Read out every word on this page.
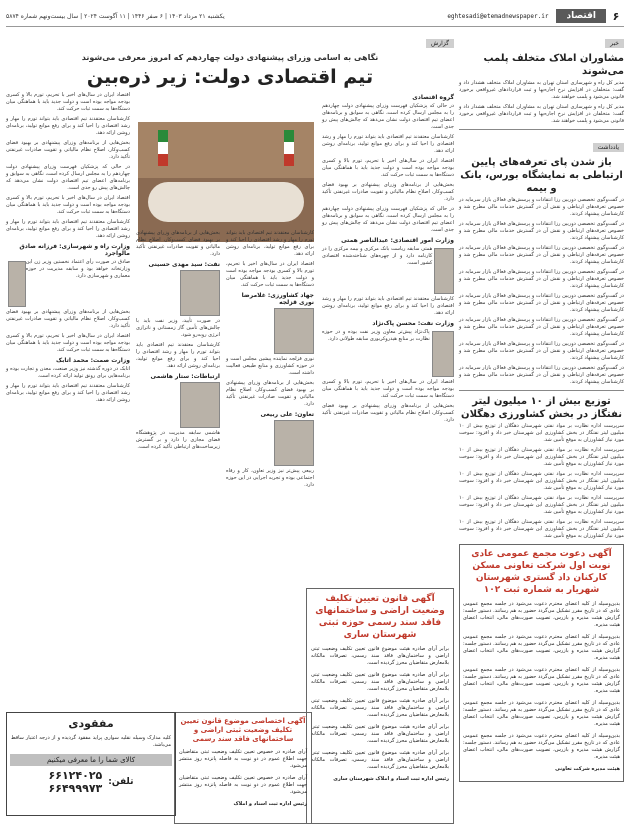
۶
اقتصاد
eghtesadi@etemadnewspaper.ir
یکشنبه ۲۱ مرداد ۱۴۰۳ | ۶ صفر ۱۴۴۶ | ۱۱ آگوست ۲۰۲۴ | سال بیست‌ونهم شماره ۵۸۷۴
خبر
مشاوران املاک متخلف پلمب می‌شوند

مدیر کل راه و شهرسازی استان تهران به مشاوران املاک متخلف هشدار داد و گفت: متخلفان در افزایش نرخ اجاره‌بها و ثبت قراردادهای غیرواقعی برخورد قانونی می‌شود و پلمب خواهند شد.

مدیر کل راه و شهرسازی استان تهران به مشاوران املاک متخلف هشدار داد و گفت: متخلفان در افزایش نرخ اجاره‌بها و ثبت قراردادهای غیرواقعی برخورد قانونی می‌شود و پلمب خواهند شد.

یادداشت
باز شدن پای تعرفه‌های پایین ارتباطی به نمایشگاه بورس، بانک و بیمه

در گفت‌وگوی تخصصی دوربین رزا انتقادات و پرسش‌های فعالان بازار سرمایه در خصوص تعرفه‌های ارتباطی و نقش آن در گسترش خدمات مالی مطرح شد و کارشناسان پیشنهاد کردند.

در گفت‌وگوی تخصصی دوربین رزا انتقادات و پرسش‌های فعالان بازار سرمایه در خصوص تعرفه‌های ارتباطی و نقش آن در گسترش خدمات مالی مطرح شد و کارشناسان پیشنهاد کردند.

در گفت‌وگوی تخصصی دوربین رزا انتقادات و پرسش‌های فعالان بازار سرمایه در خصوص تعرفه‌های ارتباطی و نقش آن در گسترش خدمات مالی مطرح شد و کارشناسان پیشنهاد کردند.

در گفت‌وگوی تخصصی دوربین رزا انتقادات و پرسش‌های فعالان بازار سرمایه در خصوص تعرفه‌های ارتباطی و نقش آن در گسترش خدمات مالی مطرح شد و کارشناسان پیشنهاد کردند.

در گفت‌وگوی تخصصی دوربین رزا انتقادات و پرسش‌های فعالان بازار سرمایه در خصوص تعرفه‌های ارتباطی و نقش آن در گسترش خدمات مالی مطرح شد و کارشناسان پیشنهاد کردند.

در گفت‌وگوی تخصصی دوربین رزا انتقادات و پرسش‌های فعالان بازار سرمایه در خصوص تعرفه‌های ارتباطی و نقش آن در گسترش خدمات مالی مطرح شد و کارشناسان پیشنهاد کردند.

در گفت‌وگوی تخصصی دوربین رزا انتقادات و پرسش‌های فعالان بازار سرمایه در خصوص تعرفه‌های ارتباطی و نقش آن در گسترش خدمات مالی مطرح شد و کارشناسان پیشنهاد کردند.

در گفت‌وگوی تخصصی دوربین رزا انتقادات و پرسش‌های فعالان بازار سرمایه در خصوص تعرفه‌های ارتباطی و نقش آن در گسترش خدمات مالی مطرح شد و کارشناسان پیشنهاد کردند.

توزیع بیش از ۱۰ میلیون لیتر نفتگاز در بخش کشاورزی دهگلان

سرپرست اداره نظارت بر مواد نفتی شهرستان دهگلان از توزیع بیش از ۱۰ میلیون لیتر نفتگاز در بخش کشاورزی این شهرستان خبر داد و افزود: سوخت مورد نیاز کشاورزان به موقع تأمین شد.

سرپرست اداره نظارت بر مواد نفتی شهرستان دهگلان از توزیع بیش از ۱۰ میلیون لیتر نفتگاز در بخش کشاورزی این شهرستان خبر داد و افزود: سوخت مورد نیاز کشاورزان به موقع تأمین شد.

سرپرست اداره نظارت بر مواد نفتی شهرستان دهگلان از توزیع بیش از ۱۰ میلیون لیتر نفتگاز در بخش کشاورزی این شهرستان خبر داد و افزود: سوخت مورد نیاز کشاورزان به موقع تأمین شد.

سرپرست اداره نظارت بر مواد نفتی شهرستان دهگلان از توزیع بیش از ۱۰ میلیون لیتر نفتگاز در بخش کشاورزی این شهرستان خبر داد و افزود: سوخت مورد نیاز کشاورزان به موقع تأمین شد.

سرپرست اداره نظارت بر مواد نفتی شهرستان دهگلان از توزیع بیش از ۱۰ میلیون لیتر نفتگاز در بخش کشاورزی این شهرستان خبر داد و افزود: سوخت مورد نیاز کشاورزان به موقع تأمین شد.

آگهی دعوت مجمع عمومی عادی نوبت اول شرکت تعاونی مسکن کارکنان داد گستری شهرستان شهریار به شماره ثبت ۱۰۲

بدین‌وسیله از کلیه اعضای محترم دعوت می‌شود در جلسه مجمع عمومی عادی که در تاریخ مقرر تشکیل می‌گردد حضور به هم رسانند. دستور جلسه: گزارش هیئت مدیره و بازرس، تصویب صورت‌های مالی، انتخاب اعضای هیئت مدیره.

بدین‌وسیله از کلیه اعضای محترم دعوت می‌شود در جلسه مجمع عمومی عادی که در تاریخ مقرر تشکیل می‌گردد حضور به هم رسانند. دستور جلسه: گزارش هیئت مدیره و بازرس، تصویب صورت‌های مالی، انتخاب اعضای هیئت مدیره.

بدین‌وسیله از کلیه اعضای محترم دعوت می‌شود در جلسه مجمع عمومی عادی که در تاریخ مقرر تشکیل می‌گردد حضور به هم رسانند. دستور جلسه: گزارش هیئت مدیره و بازرس، تصویب صورت‌های مالی، انتخاب اعضای هیئت مدیره.

بدین‌وسیله از کلیه اعضای محترم دعوت می‌شود در جلسه مجمع عمومی عادی که در تاریخ مقرر تشکیل می‌گردد حضور به هم رسانند. دستور جلسه: گزارش هیئت مدیره و بازرس، تصویب صورت‌های مالی، انتخاب اعضای هیئت مدیره.

بدین‌وسیله از کلیه اعضای محترم دعوت می‌شود در جلسه مجمع عمومی عادی که در تاریخ مقرر تشکیل می‌گردد حضور به هم رسانند. دستور جلسه: گزارش هیئت مدیره و بازرس، تصویب صورت‌های مالی، انتخاب اعضای هیئت مدیره.

هیئت مدیره شرکت تعاونی

گزارش
نگاهی به اسامی وزرای پیشنهادی دولت چهاردهم که امروز معرفی می‌شوند
تیم اقتصادی دولت: زیر ذره‌بین
گروه اقتصادی

در حالی که پزشکیان فهرست وزرای پیشنهادی دولت چهاردهم را به مجلس ارسال کرده است، نگاهی به سوابق و برنامه‌های اعضای تیم اقتصادی دولت نشان می‌دهد که چالش‌های پیش رو جدی است.

کارشناسان معتقدند تیم اقتصادی باید بتواند تورم را مهار و رشد اقتصادی را احیا کند و برای رفع موانع تولید، برنامه‌ای روشن ارائه دهد.

اقتصاد ایران در سال‌های اخیر با تحریم، تورم بالا و کسری بودجه مواجه بوده است و دولت جدید باید با هماهنگی میان دستگاه‌ها به سمت ثبات حرکت کند.

بخش‌هایی از برنامه‌های وزرای پیشنهادی بر بهبود فضای کسب‌وکار، اصلاح نظام مالیاتی و تقویت صادرات غیرنفتی تأکید دارد.

در حالی که پزشکیان فهرست وزرای پیشنهادی دولت چهاردهم را به مجلس ارسال کرده است، نگاهی به سوابق و برنامه‌های اعضای تیم اقتصادی دولت نشان می‌دهد که چالش‌های پیش رو جدی است.

وزارت امور اقتصادی: عبدالناصر همتی

همتی سابقه ریاست بانک مرکزی و بیمه مرکزی را در کارنامه دارد و از چهره‌های شناخته‌شده اقتصادی کشور است.

کارشناسان معتقدند تیم اقتصادی باید بتواند تورم را مهار و رشد اقتصادی را احیا کند و برای رفع موانع تولید، برنامه‌ای روشن ارائه دهد.

وزارت نفت: محسن پاک‌نژاد

پاک‌نژاد پیش‌تر معاون وزیر نفت بوده و در حوزه نظارت بر منابع هیدروکربوری سابقه طولانی دارد.

اقتصاد ایران در سال‌های اخیر با تحریم، تورم بالا و کسری بودجه مواجه بوده است و دولت جدید باید با هماهنگی میان دستگاه‌ها به سمت ثبات حرکت کند.

بخش‌هایی از برنامه‌های وزرای پیشنهادی بر بهبود فضای کسب‌وکار، اصلاح نظام مالیاتی و تقویت صادرات غیرنفتی تأکید دارد.

کارشناسان معتقدند تیم اقتصادی باید بتواند تورم را مهار و رشد اقتصادی را احیا کند و برای رفع موانع تولید، برنامه‌ای روشن ارائه دهد.

اقتصاد ایران در سال‌های اخیر با تحریم، تورم بالا و کسری بودجه مواجه بوده است و دولت جدید باید با هماهنگی میان دستگاه‌ها به سمت ثبات حرکت کند.

جهاد کشاورزی: غلامرضا نوری قزلجه

نوری قزلجه نماینده پیشین مجلس است و در حوزه کشاورزی و منابع طبیعی فعالیت داشته است.

بخش‌هایی از برنامه‌های وزرای پیشنهادی بر بهبود فضای کسب‌وکار، اصلاح نظام مالیاتی و تقویت صادرات غیرنفتی تأکید دارد.

تعاون: علی ربیعی

ربیعی پیش‌تر نیز وزیر تعاون، کار و رفاه اجتماعی بوده و تجربه اجرایی در این حوزه دارد.

بخش‌هایی از برنامه‌های وزرای پیشنهادی بر بهبود فضای کسب‌وکار، اصلاح نظام مالیاتی و تقویت صادرات غیرنفتی تأکید دارد.

نفت: سید مهدی حسینی

در صورت تأیید، وزیر نفت باید با چالش‌های تأمین گاز زمستانی و ناترازی انرژی روبه‌رو شود.

کارشناسان معتقدند تیم اقتصادی باید بتواند تورم را مهار و رشد اقتصادی را احیا کند و برای رفع موانع تولید، برنامه‌ای روشن ارائه دهد.

ارتباطات: ستار هاشمی

هاشمی سابقه مدیریت در پژوهشگاه فضای مجازی را دارد و بر گسترش زیرساخت‌های ارتباطی تأکید کرده است.

اقتصاد ایران در سال‌های اخیر با تحریم، تورم بالا و کسری بودجه مواجه بوده است و دولت جدید باید با هماهنگی میان دستگاه‌ها به سمت ثبات حرکت کند.

کارشناسان معتقدند تیم اقتصادی باید بتواند تورم را مهار و رشد اقتصادی را احیا کند و برای رفع موانع تولید، برنامه‌ای روشن ارائه دهد.

بخش‌هایی از برنامه‌های وزرای پیشنهادی بر بهبود فضای کسب‌وکار، اصلاح نظام مالیاتی و تقویت صادرات غیرنفتی تأکید دارد.

در حالی که پزشکیان فهرست وزرای پیشنهادی دولت چهاردهم را به مجلس ارسال کرده است، نگاهی به سوابق و برنامه‌های اعضای تیم اقتصادی دولت نشان می‌دهد که چالش‌های پیش رو جدی است.

اقتصاد ایران در سال‌های اخیر با تحریم، تورم بالا و کسری بودجه مواجه بوده است و دولت جدید باید با هماهنگی میان دستگاه‌ها به سمت ثبات حرکت کند.

کارشناسان معتقدند تیم اقتصادی باید بتواند تورم را مهار و رشد اقتصادی را احیا کند و برای رفع موانع تولید، برنامه‌ای روشن ارائه دهد.

وزارت راه و شهرسازی: فرزانه صادق مالواجرد

صادق در صورت رأی اعتماد نخستین وزیر زن این وزارتخانه خواهد بود و سابقه مدیریت در حوزه معماری و شهرسازی دارد.

بخش‌هایی از برنامه‌های وزرای پیشنهادی بر بهبود فضای کسب‌وکار، اصلاح نظام مالیاتی و تقویت صادرات غیرنفتی تأکید دارد.

اقتصاد ایران در سال‌های اخیر با تحریم، تورم بالا و کسری بودجه مواجه بوده است و دولت جدید باید با هماهنگی میان دستگاه‌ها به سمت ثبات حرکت کند.

وزارت صمت: محمد اتابک

اتابک در دوره گذشته نیز وزیر صنعت، معدن و تجارت بوده و برنامه‌هایی برای رونق تولید ارائه کرده است.

کارشناسان معتقدند تیم اقتصادی باید بتواند تورم را مهار و رشد اقتصادی را احیا کند و برای رفع موانع تولید، برنامه‌ای روشن ارائه دهد.

آگهی قانون تعیین تکلیف وضعیت اراضی و ساختمانهای فاقد سند رسمی حوزه ثبتی شهرستان ساری

برابر آرای صادره هیئت موضوع قانون تعیین تکلیف وضعیت ثبتی اراضی و ساختمان‌های فاقد سند رسمی، تصرفات مالکانه بلامعارض متقاضیان محرز گردیده است.

برابر آرای صادره هیئت موضوع قانون تعیین تکلیف وضعیت ثبتی اراضی و ساختمان‌های فاقد سند رسمی، تصرفات مالکانه بلامعارض متقاضیان محرز گردیده است.

برابر آرای صادره هیئت موضوع قانون تعیین تکلیف وضعیت ثبتی اراضی و ساختمان‌های فاقد سند رسمی، تصرفات مالکانه بلامعارض متقاضیان محرز گردیده است.

برابر آرای صادره هیئت موضوع قانون تعیین تکلیف وضعیت ثبتی اراضی و ساختمان‌های فاقد سند رسمی، تصرفات مالکانه بلامعارض متقاضیان محرز گردیده است.

برابر آرای صادره هیئت موضوع قانون تعیین تکلیف وضعیت ثبتی اراضی و ساختمان‌های فاقد سند رسمی، تصرفات مالکانه بلامعارض متقاضیان محرز گردیده است.

رئیس اداره ثبت اسناد و املاک شهرستان ساری

آگهی اختصاصی موضوع قانون تعیین تکلیف وضعیت ثبتی اراضی و ساختمانهای فاقد سند رسمی

آرای صادره در خصوص تعیین تکلیف وضعیت ثبتی متقاضیان جهت اطلاع عموم در دو نوبت به فاصله پانزده روز منتشر می‌شود.

آرای صادره در خصوص تعیین تکلیف وضعیت ثبتی متقاضیان جهت اطلاع عموم در دو نوبت به فاصله پانزده روز منتشر می‌شود.

رئیس اداره ثبت اسناد و املاک

مفقودی

کلیه مدارک وسیله نقلیه سواری پراید مفقود گردیده و از درجه اعتبار ساقط می‌باشد.

کالای شما را ما معرفی میکنیم
تلفن:
۶۶۱۲۴۰۲۵
۶۶۴۹۹۹۷۳
